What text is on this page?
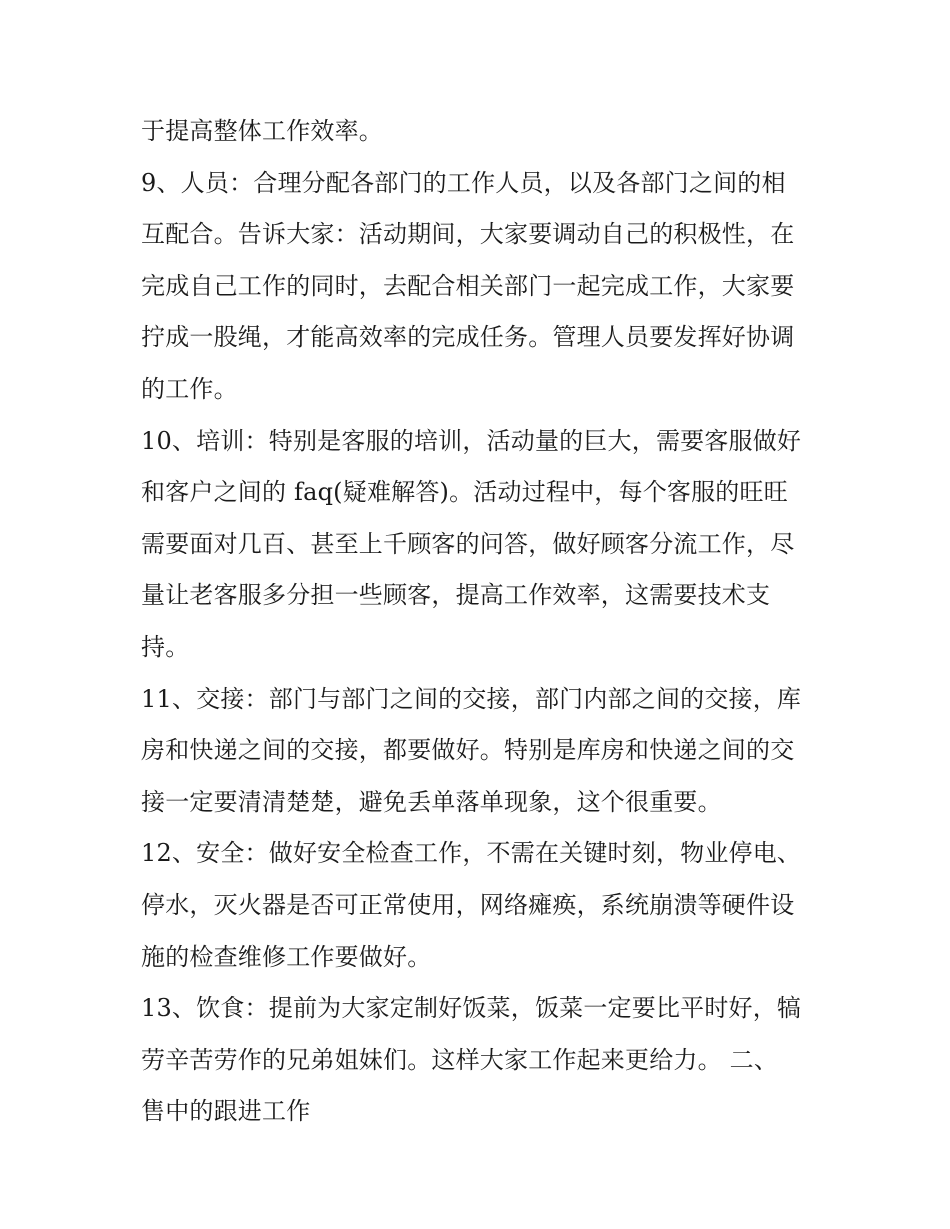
于提高整体工作效率。
9、人员：合理分配各部门的工作人员，以及各部门之间的相
互配合。告诉大家：活动期间，大家要调动自己的积极性，在
完成自己工作的同时，去配合相关部门一起完成工作，大家要
拧成一股绳，才能高效率的完成任务。管理人员要发挥好协调
的工作。
10、培训：特别是客服的培训，活动量的巨大，需要客服做好
和客户之间的 faq(疑难解答)。活动过程中，每个客服的旺旺
需要面对几百、甚至上千顾客的问答，做好顾客分流工作，尽
量让老客服多分担一些顾客，提高工作效率，这需要技术支
持。
11、交接：部门与部门之间的交接，部门内部之间的交接，库
房和快递之间的交接，都要做好。特别是库房和快递之间的交
接一定要清清楚楚，避免丢单落单现象，这个很重要。
12、安全：做好安全检查工作，不需在关键时刻，物业停电、
停水，灭火器是否可正常使用，网络瘫痪，系统崩溃等硬件设
施的检查维修工作要做好。
13、饮食：提前为大家定制好饭菜，饭菜一定要比平时好，犒
劳辛苦劳作的兄弟姐妹们。这样大家工作起来更给力。 二、
售中的跟进工作
